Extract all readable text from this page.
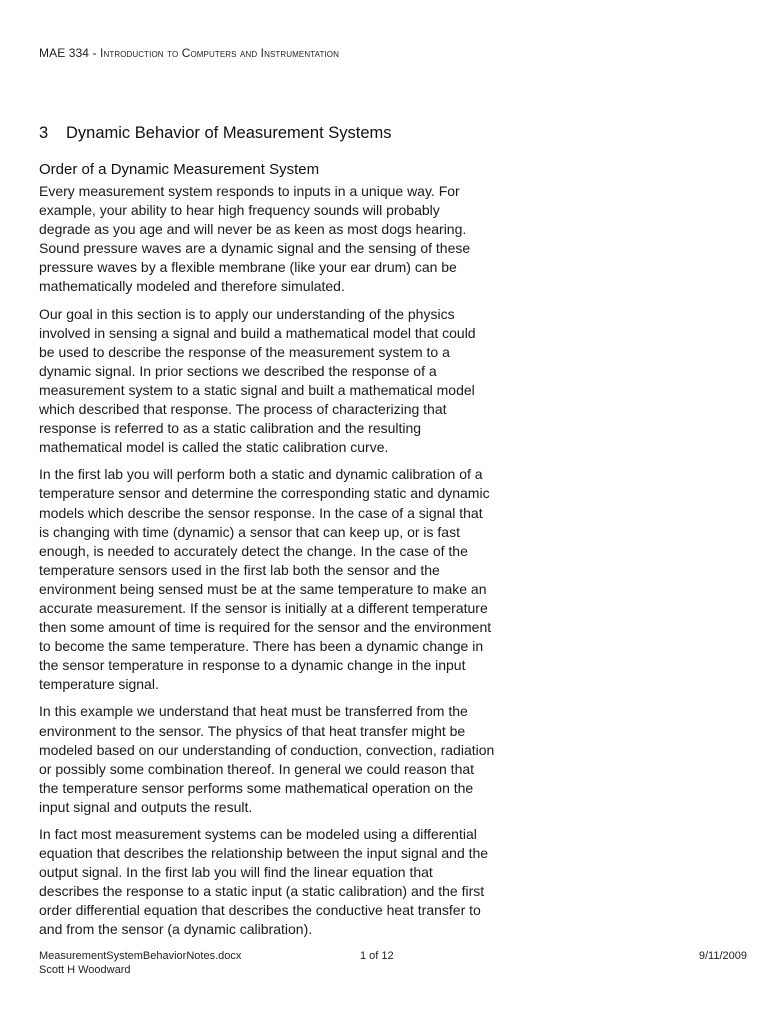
MAE 334 - Introduction to Computers and Instrumentation
3	Dynamic Behavior of Measurement Systems
Order of a Dynamic Measurement System

Every measurement system responds to inputs in a unique way. For example, your ability to hear high frequency sounds will probably degrade as you age and will never be as keen as most dogs hearing. Sound pressure waves are a dynamic signal and the sensing of these pressure waves by a flexible membrane (like your ear drum) can be mathematically modeled and therefore simulated.

Our goal in this section is to apply our understanding of the physics involved in sensing a signal and build a mathematical model that could be used to describe the response of the measurement system to a dynamic signal. In prior sections we described the response of a measurement system to a static signal and built a mathematical model which described that response. The process of characterizing that response is referred to as a static calibration and the resulting mathematical model is called the static calibration curve.

In the first lab you will perform both a static and dynamic calibration of a temperature sensor and determine the corresponding static and dynamic models which describe the sensor response. In the case of a signal that is changing with time (dynamic) a sensor that can keep up, or is fast enough, is needed to accurately detect the change. In the case of the temperature sensors used in the first lab both the sensor and the environment being sensed must be at the same temperature to make an accurate measurement. If the sensor is initially at a different temperature then some amount of time is required for the sensor and the environment to become the same temperature. There has been a dynamic change in the sensor temperature in response to a dynamic change in the input temperature signal.

In this example we understand that heat must be transferred from the environment to the sensor. The physics of that heat transfer might be modeled based on our understanding of conduction, convection, radiation or possibly some combination thereof. In general we could reason that the temperature sensor performs some mathematical operation on the input signal and outputs the result.

In fact most measurement systems can be modeled using a differential equation that describes the relationship between the input signal and the output signal. In the first lab you will find the linear equation that describes the response to a static input (a static calibration) and the first order differential equation that describes the conductive heat transfer to and from the sensor (a dynamic calibration).

MeasurementSystemBehaviorNotes.docx
Scott H Woodward
1 of 12	9/11/2009
